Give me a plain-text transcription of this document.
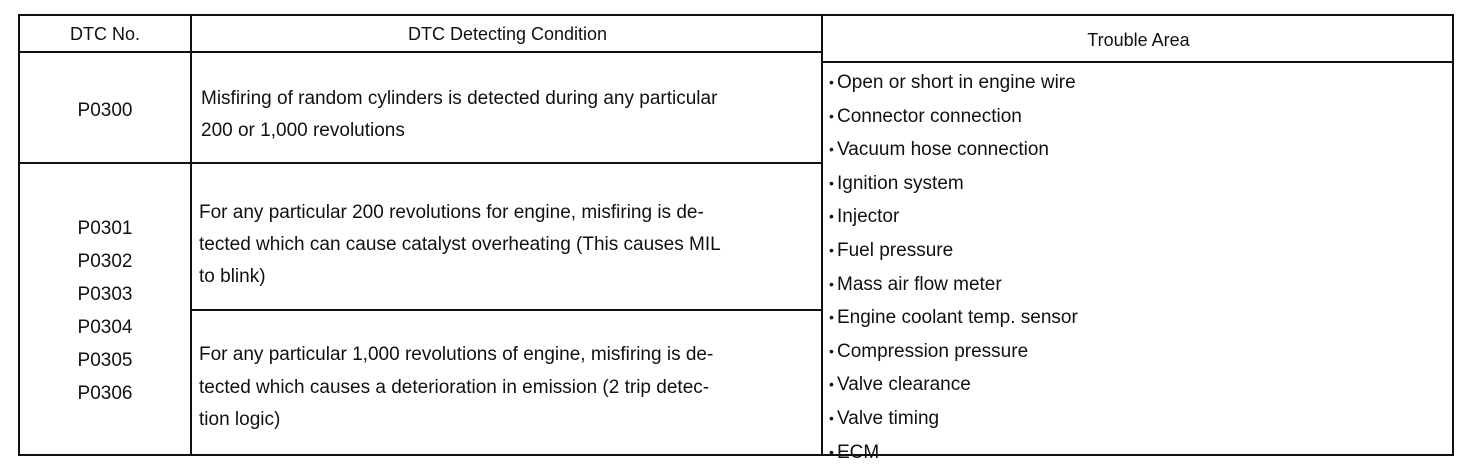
DTC No.	DTC Detecting Condition	Trouble Area
P0300
Misfiring of random cylinders is detected during any particular
200 or 1,000 revolutions
P0301
P0302
P0303
P0304
P0305
P0306
For any particular 200 revolutions for engine, misfiring is de-
tected which can cause catalyst overheating (This causes MIL
to blink)
For any particular 1,000 revolutions of engine, misfiring is de-
tected which causes a deterioration in emission (2 trip detec-
tion logic)
• Open or short in engine wire
• Connector connection
• Vacuum hose connection
• Ignition system
• Injector
• Fuel pressure
• Mass air flow meter
• Engine coolant temp. sensor
• Compression pressure
• Valve clearance
• Valve timing
• ECM
